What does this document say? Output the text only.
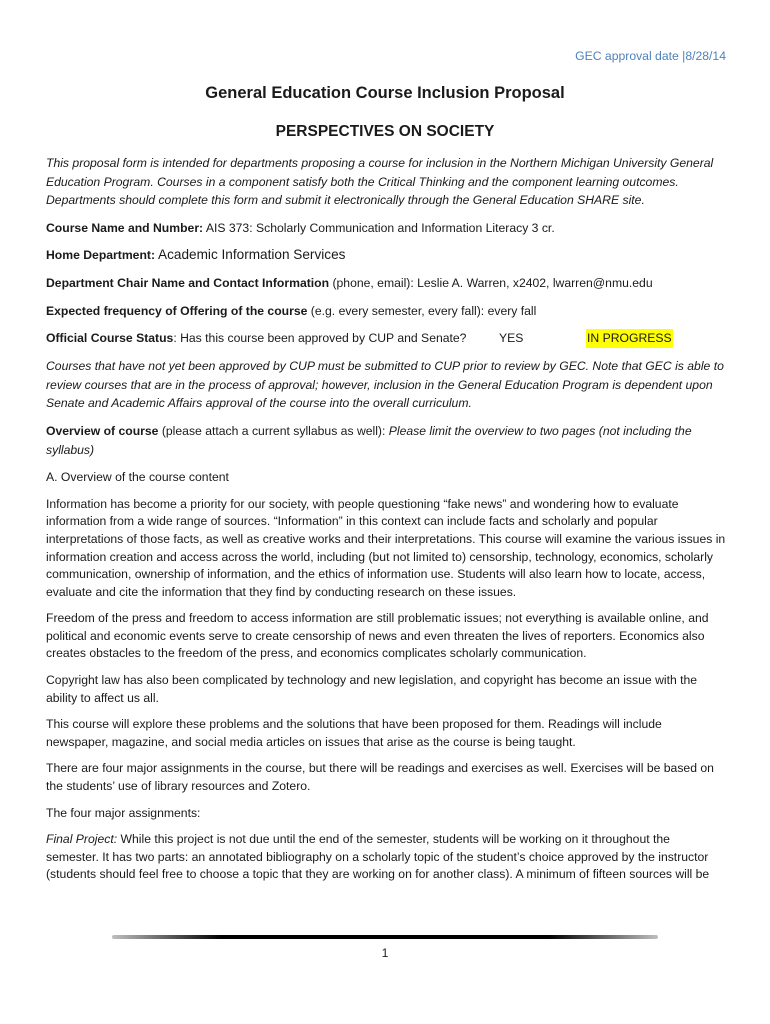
GEC approval date |8/28/14
General Education Course Inclusion Proposal
PERSPECTIVES ON SOCIETY

This proposal form is intended for departments proposing a course for inclusion in the Northern Michigan University General Education Program. Courses in a component satisfy both the Critical Thinking and the component learning outcomes. Departments should complete this form and submit it electronically through the General Education SHARE site.

Course Name and Number: AIS 373: Scholarly Communication and Information Literacy 3 cr.

Home Department: Academic Information Services

Department Chair Name and Contact Information (phone, email): Leslie A. Warren, x2402, lwarren@nmu.edu

Expected frequency of Offering of the course (e.g. every semester, every fall): every fall

Official Course Status: Has this course been approved by CUP and Senate?	YES	IN PROGRESS

Courses that have not yet been approved by CUP must be submitted to CUP prior to review by GEC. Note that GEC is able to review courses that are in the process of approval; however, inclusion in the General Education Program is dependent upon Senate and Academic Affairs approval of the course into the overall curriculum.

Overview of course (please attach a current syllabus as well): Please limit the overview to two pages (not including the syllabus)

A. Overview of the course content

Information has become a priority for our society, with people questioning “fake news” and wondering how to evaluate information from a wide range of sources. “Information” in this context can include facts and scholarly and popular interpretations of those facts, as well as creative works and their interpretations. This course will examine the various issues in information creation and access across the world, including (but not limited to) censorship, technology, economics, scholarly communication, ownership of information, and the ethics of information use. Students will also learn how to locate, access, evaluate and cite the information that they find by conducting research on these issues.

Freedom of the press and freedom to access information are still problematic issues; not everything is available online, and political and economic events serve to create censorship of news and even threaten the lives of reporters. Economics also creates obstacles to the freedom of the press, and economics complicates scholarly communication.

Copyright law has also been complicated by technology and new legislation, and copyright has become an issue with the ability to affect us all.

This course will explore these problems and the solutions that have been proposed for them. Readings will include newspaper, magazine, and social media articles on issues that arise as the course is being taught.

There are four major assignments in the course, but there will be readings and exercises as well. Exercises will be based on the students’ use of library resources and Zotero.

The four major assignments:

Final Project: While this project is not due until the end of the semester, students will be working on it throughout the semester. It has two parts: an annotated bibliography on a scholarly topic of the student’s choice approved by the instructor (students should feel free to choose a topic that they are working on for another class). A minimum of fifteen sources will be

1
